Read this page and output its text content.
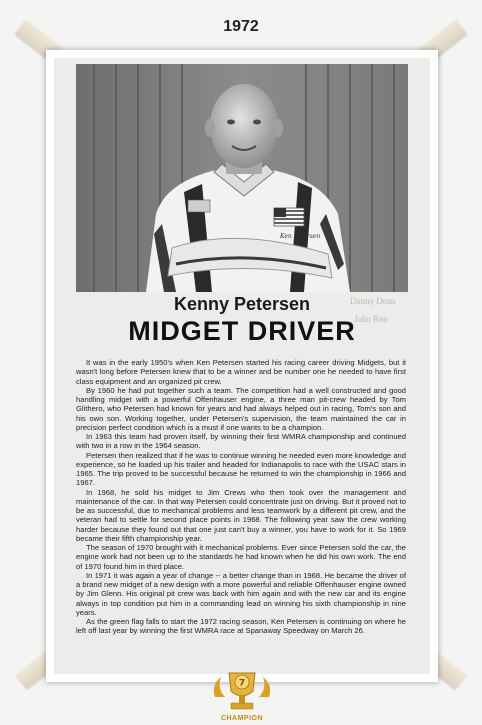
1972
Ken Petersen
Danny Dean
John Rea
Kenny Petersen
MIDGET DRIVER

It was in the early 1950's when Ken Petersen started his racing career driving Midgets, but it wasn't long before Petersen knew that to be a winner and be number one he needed to have first class equipment and an organized pit crew.

By 1960 he had put together such a team. The competition had a well constructed and good handling midget with a powerful Offenhauser engine, a three man pit-crew headed by Tom Glithero, who Petersen had known for years and had always helped out in racing, Tom's son and his own son. Working together, under Petersen's supervision, the team maintained the car in precision perfect condition which is a must if one wants to be a champion.

In 1963 this team had proven itself, by winning their first WMRA championship and continued with two in a row in the 1964 season.

Petersen then realized that if he was to continue winning he needed even more knowledge and experience, so he loaded up his trailer and headed for Indianapolis to race with the USAC stars in 1965. The trip proved to be successful because he returned to win the championship in 1966 and 1967.

In 1968, he sold his midget to Jim Crews who then took over the management and maintenance of the car. In that way Petersen could concentrate just on driving. But it proved not to be as successful, due to mechanical problems and less teamwork by a different pit crew, and the veteran had to settle for second place points in 1968. The following year saw the crew working harder because they found out that one just can't buy a winner, you have to work for it. So 1969 became their fifth championship year.

The season of 1970 brought with it mechanical problems. Ever since Petersen sold the car, the engine work had not been up to the standards he had known when he did his own work. The end of 1970 found him in third place.

In 1971 it was again a year of change -- a better change than in 1968. He became the driver of a brand new midget of a new design with a more powerful and reliable Offenhauser engine owned by Jim Glenn. His original pit crew was back with him again and with the new car and its engine always in top condition put him in a commanding lead on winning his sixth championship in nine years.

As the green flag falls to start the 1972 racing season, Ken Petersen is continuing on where he left off last year by winning the first WMRA race at Spanaway Speedway on March 26.

7
CHAMPION
